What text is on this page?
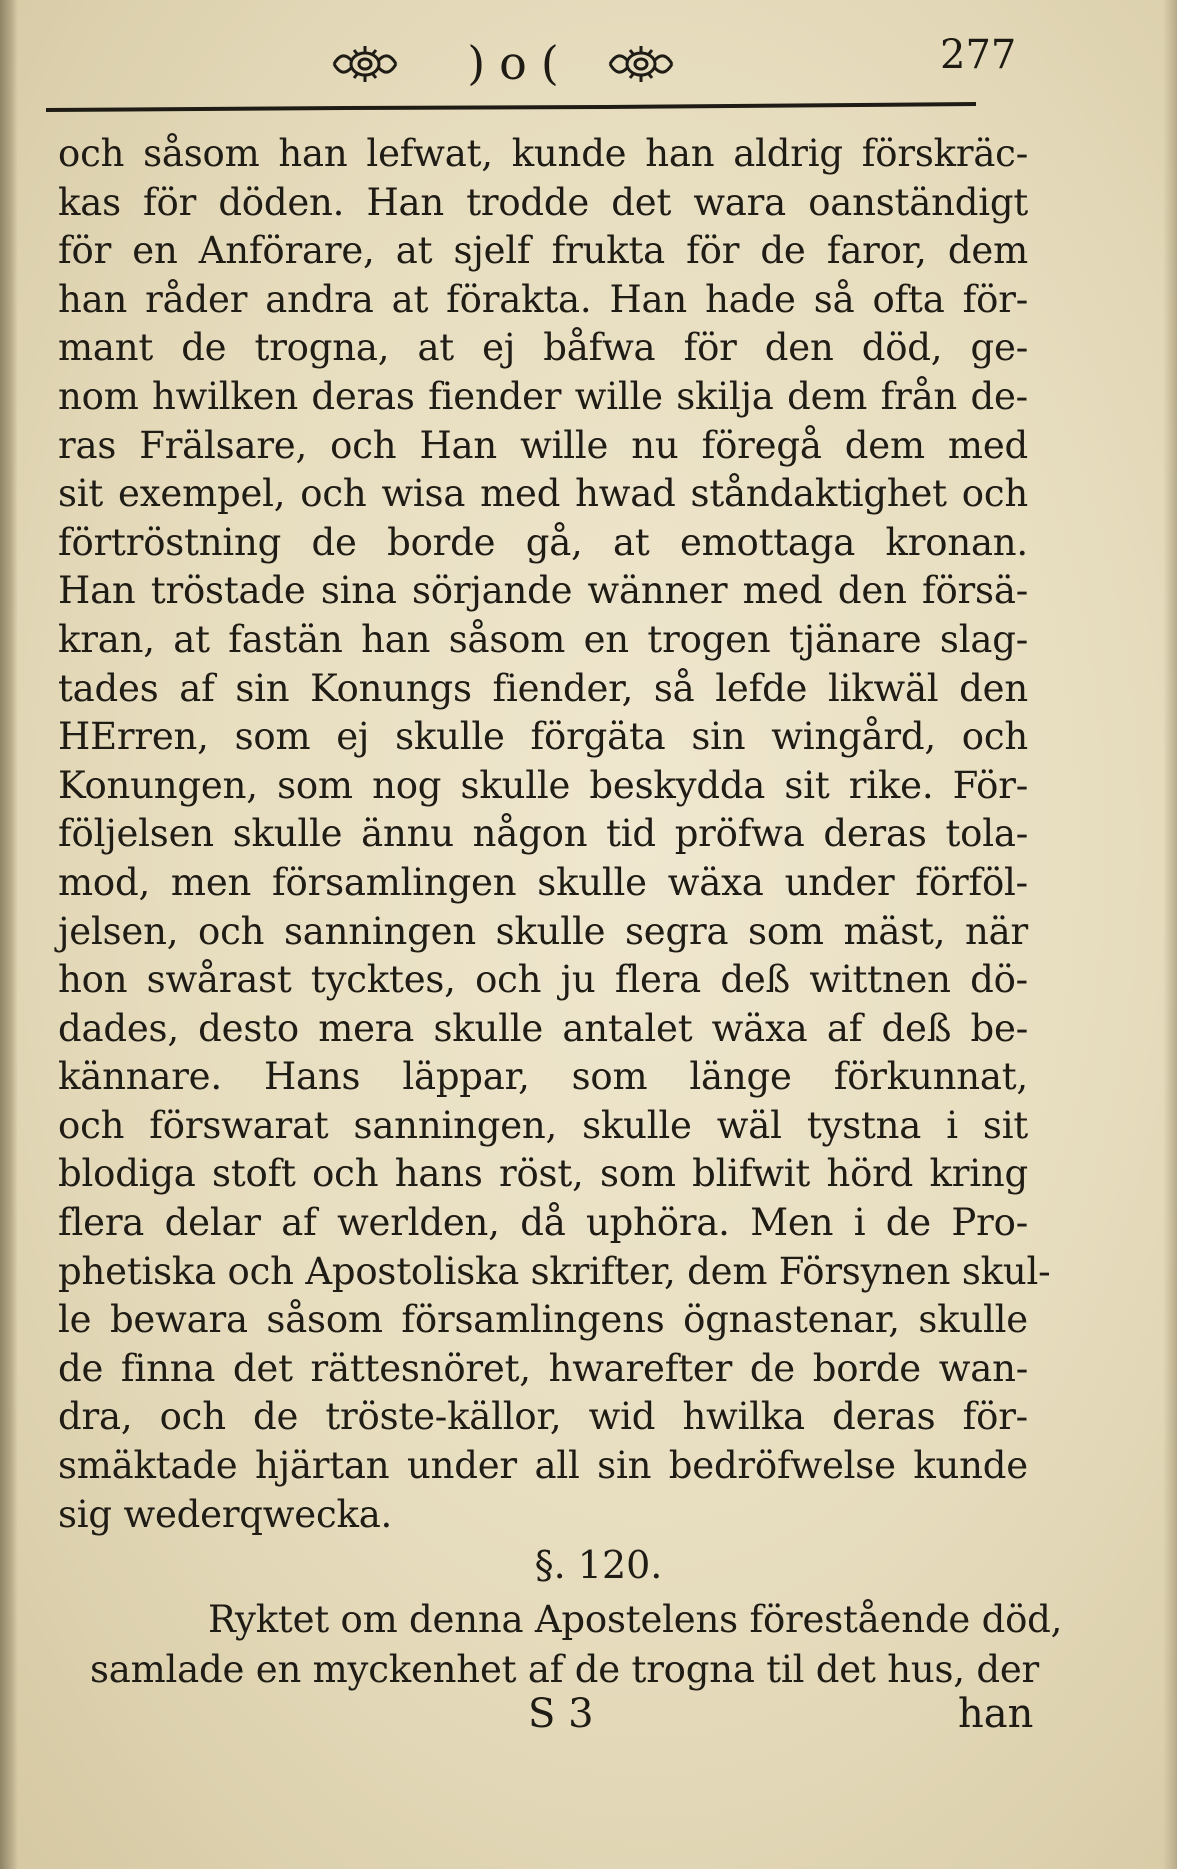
)o(	277
och såsom han lefwat, kunde han aldrig förskräc-
kas för döden. Han trodde det wara oanständigt
för en Anförare, at sjelf frukta för de faror, dem
han råder andra at förakta. Han hade så ofta för-
mant de trogna, at ej båfwa för den död, ge-
nom hwilken deras fiender wille skilja dem från de-
ras Frälsare, och Han wille nu föregå dem med
sit exempel, och wisa med hwad ståndaktighet och
förtröstning de borde gå, at emottaga kronan.
Han tröstade sina sörjande wänner med den försä-
kran, at fastän han såsom en trogen tjänare slag-
tades af sin Konungs fiender, så lefde likwäl den
HErren, som ej skulle förgäta sin wingård, och
Konungen, som nog skulle beskydda sit rike. För-
följelsen skulle ännu någon tid pröfwa deras tola-
mod, men församlingen skulle wäxa under förföl-
jelsen, och sanningen skulle segra som mäst, när
hon swårast tycktes, och ju flera deß wittnen dö-
dades, desto mera skulle antalet wäxa af deß be-
kännare. Hans läppar, som länge förkunnat,
och förswarat sanningen, skulle wäl tystna i sit
blodiga stoft och hans röst, som blifwit hörd kring
flera delar af werlden, då uphöra. Men i de Pro-
phetiska och Apostoliska skrifter, dem Försynen skul-
le bewara såsom församlingens ögnastenar, skulle
de finna det rättesnöret, hwarefter de borde wan-
dra, och de tröste-källor, wid hwilka deras för-
smäktade hjärtan under all sin bedröfwelse kunde
sig wederqwecka.
§. 120.
Ryktet om denna Apostelens förestående död,
samlade en myckenhet af de trogna til det hus, der
S 3	han
